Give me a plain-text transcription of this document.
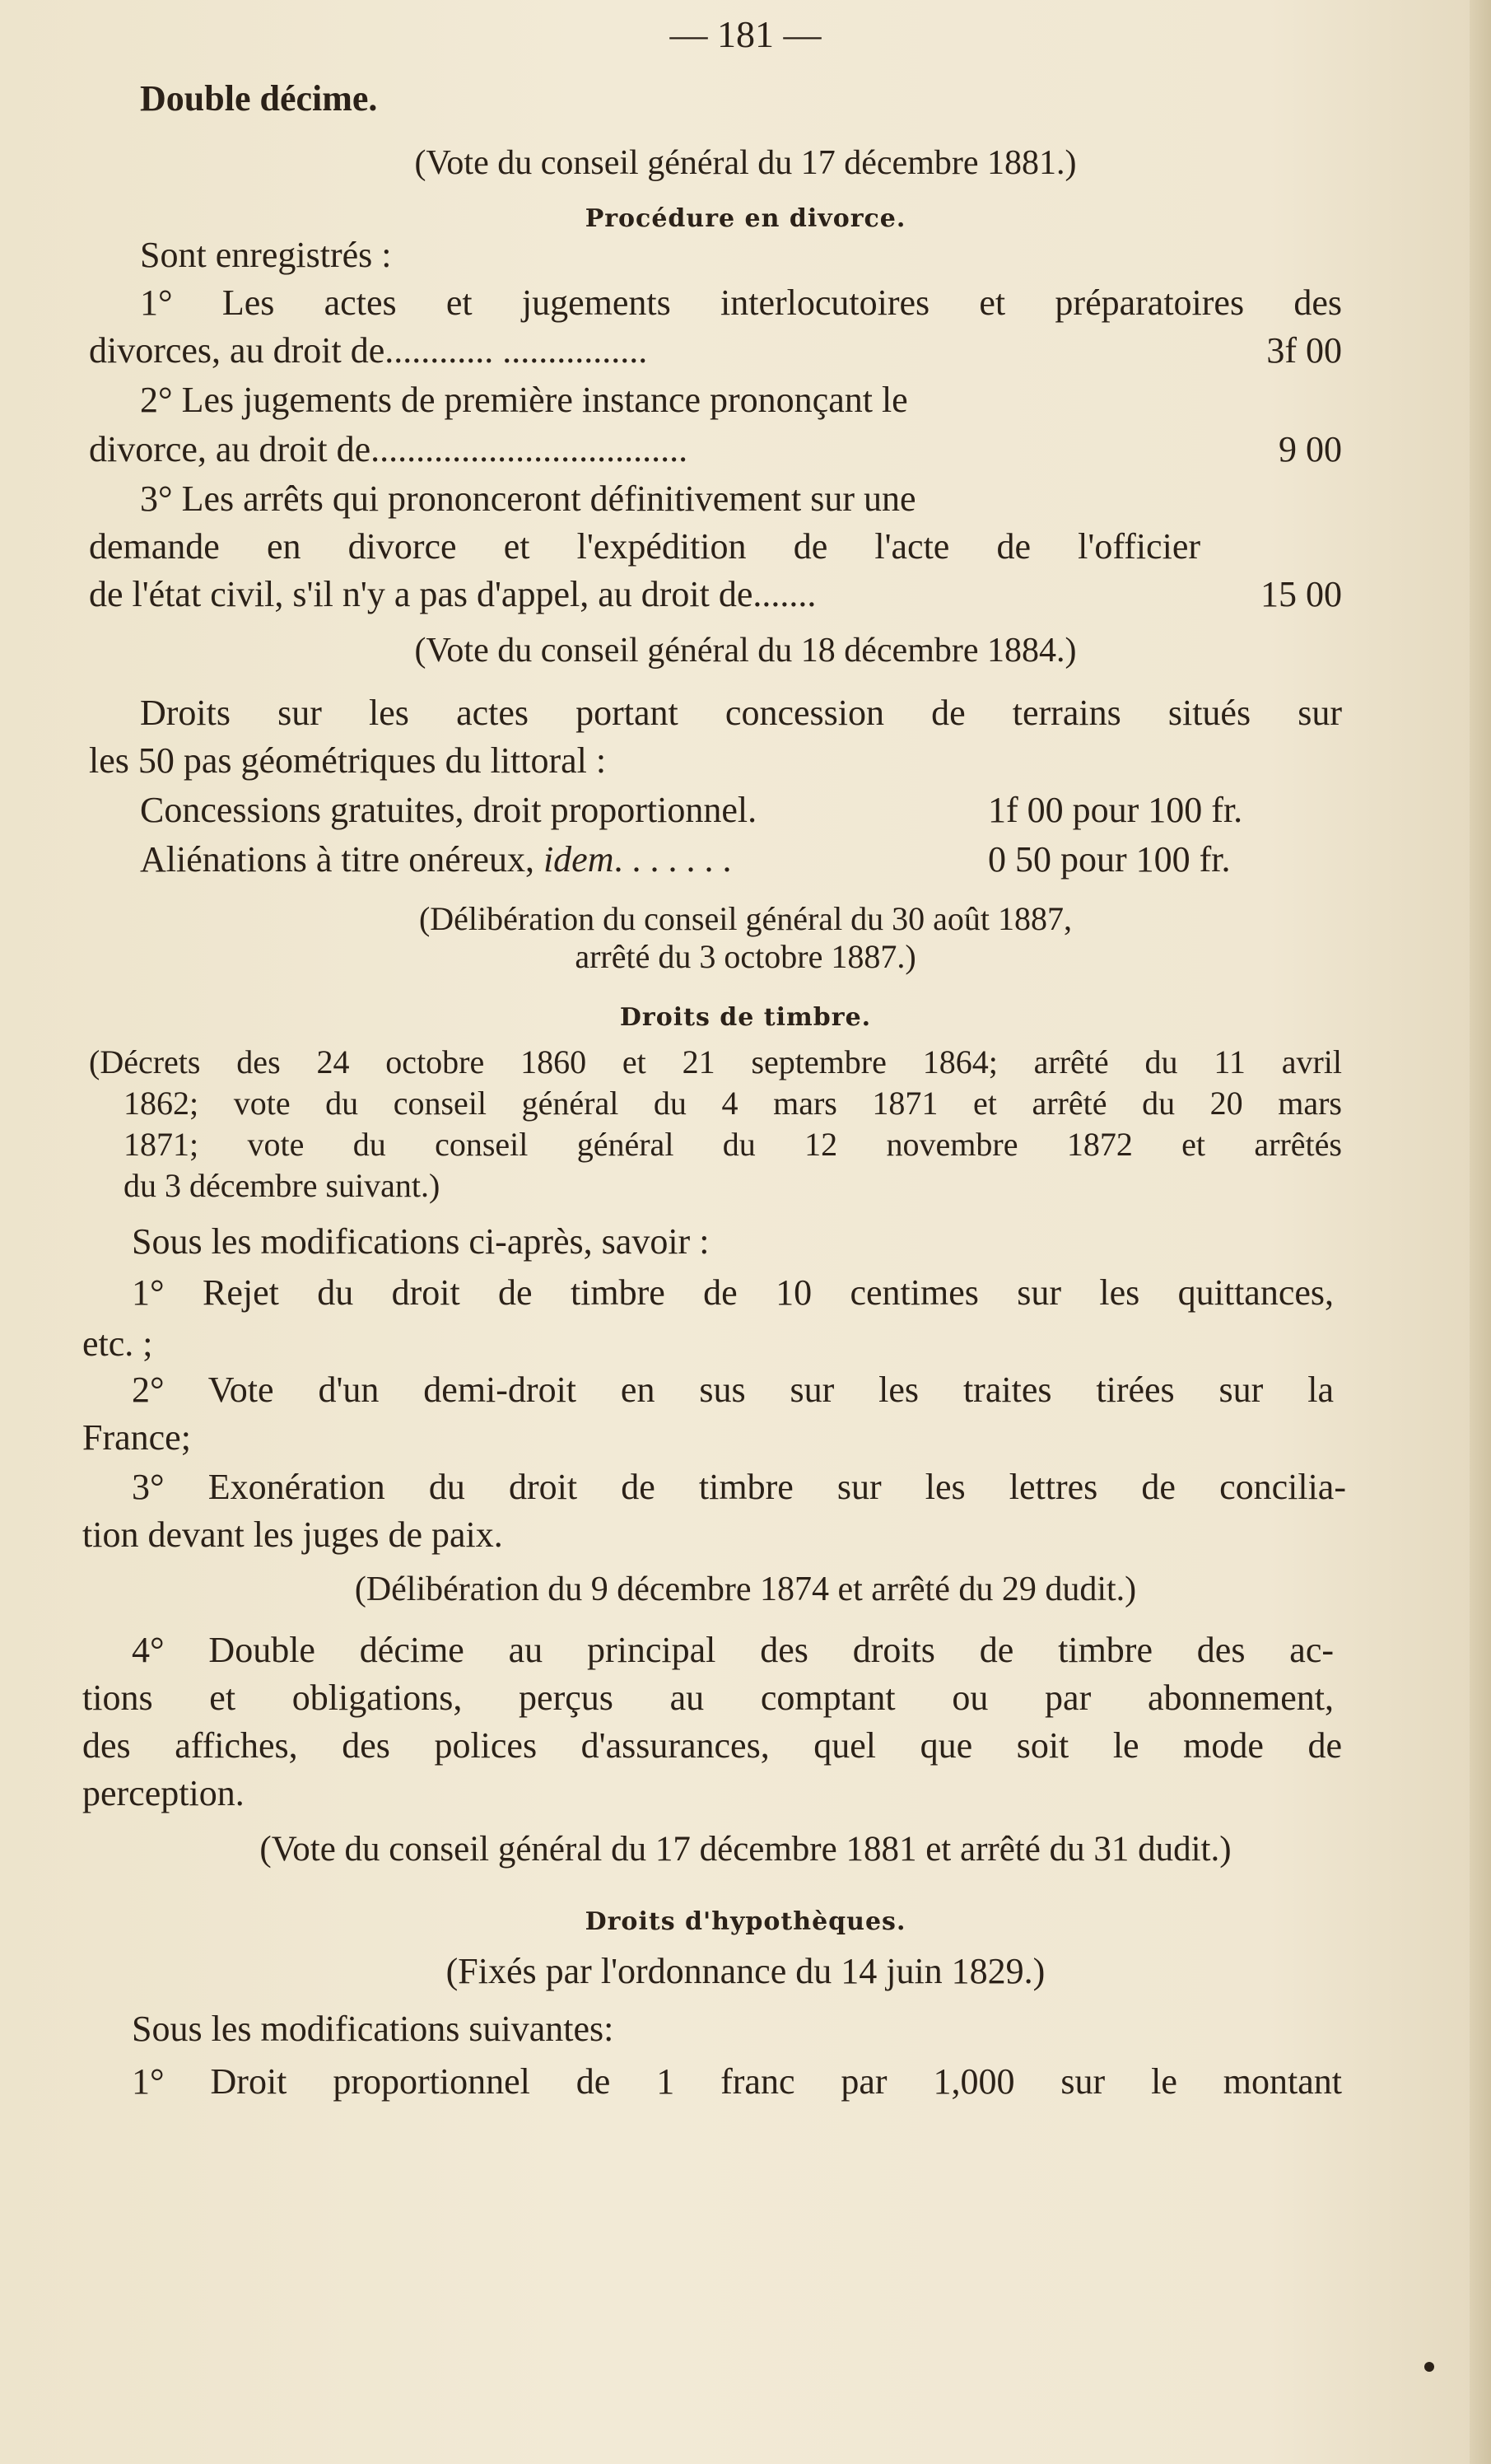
— 181 —
Double décime.
(Vote du conseil général du 17 décembre 1881.)
Procédure en divorce.
Sont enregistrés :
1° Les actes et jugements interlocutoires et préparatoires des
divorces, au droit de............ ................	3f 00
2° Les jugements de première instance prononçant le
divorce, au droit de...................................	9 00
3° Les arrêts qui prononceront définitivement sur une
demande en divorce et l'expédition de l'acte de l'officier
de l'état civil, s'il n'y a pas d'appel, au droit de.......	15 00
(Vote du conseil général du 18 décembre 1884.)
Droits sur les actes portant concession de terrains situés sur
les 50 pas géométriques du littoral :
Concessions gratuites, droit proportionnel.	1f 00 pour 100 fr.
Aliénations à titre onéreux, idem. . . . . . .	0 50 pour 100 fr.
(Délibération du conseil général du 30 août 1887,
arrêté du 3 octobre 1887.)
Droits de timbre.
(Décrets des 24 octobre 1860 et 21 septembre 1864; arrêté du 11 avril
1862; vote du conseil général du 4 mars 1871 et arrêté du 20 mars
1871; vote du conseil général du 12 novembre 1872 et arrêtés
du 3 décembre suivant.)
Sous les modifications ci-après, savoir :
1° Rejet du droit de timbre de 10 centimes sur les quittances,
etc. ;
2° Vote d'un demi-droit en sus sur les traites tirées sur la
France;
3° Exonération du droit de timbre sur les lettres de concilia-
tion devant les juges de paix.
(Délibération du 9 décembre 1874 et arrêté du 29 dudit.)
4° Double décime au principal des droits de timbre des ac-
tions et obligations, perçus au comptant ou par abonnement,
des affiches, des polices d'assurances, quel que soit le mode de
perception.
(Vote du conseil général du 17 décembre 1881 et arrêté du 31 dudit.)
Droits d'hypothèques.
(Fixés par l'ordonnance du 14 juin 1829.)
Sous les modifications suivantes:
1° Droit proportionnel de 1 franc par 1,000 sur le montant
